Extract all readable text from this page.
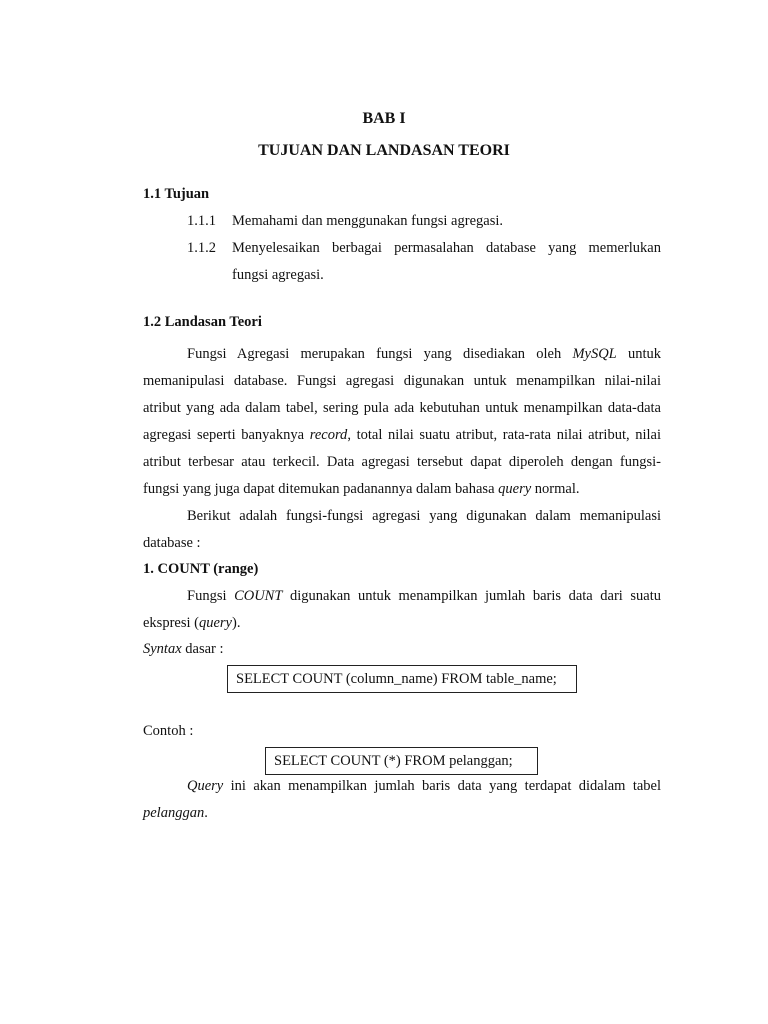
BAB I
TUJUAN DAN LANDASAN TEORI
1.1 Tujuan
1.1.1 Memahami dan menggunakan fungsi agregasi.
1.1.2 Menyelesaikan berbagai permasalahan database yang memerlukan
fungsi agregasi.
1.2 Landasan Teori
Fungsi Agregasi merupakan fungsi yang disediakan oleh MySQL untuk
memanipulasi database. Fungsi agregasi digunakan untuk menampilkan nilai-nilai
atribut yang ada dalam tabel, sering pula ada kebutuhan untuk menampilkan data-data
agregasi seperti banyaknya record, total nilai suatu atribut, rata-rata nilai atribut, nilai
atribut terbesar atau terkecil. Data agregasi tersebut dapat diperoleh dengan fungsi-
fungsi yang juga dapat ditemukan padanannya dalam bahasa query normal.
Berikut adalah fungsi-fungsi agregasi yang digunakan dalam memanipulasi
database :
1. COUNT (range)
Fungsi COUNT digunakan untuk menampilkan jumlah baris data dari suatu
ekspresi (query).
Syntax dasar :
SELECT COUNT (column_name) FROM table_name;
Contoh :
SELECT COUNT (*) FROM pelanggan;
Query ini akan menampilkan jumlah baris data yang terdapat didalam tabel
pelanggan.
